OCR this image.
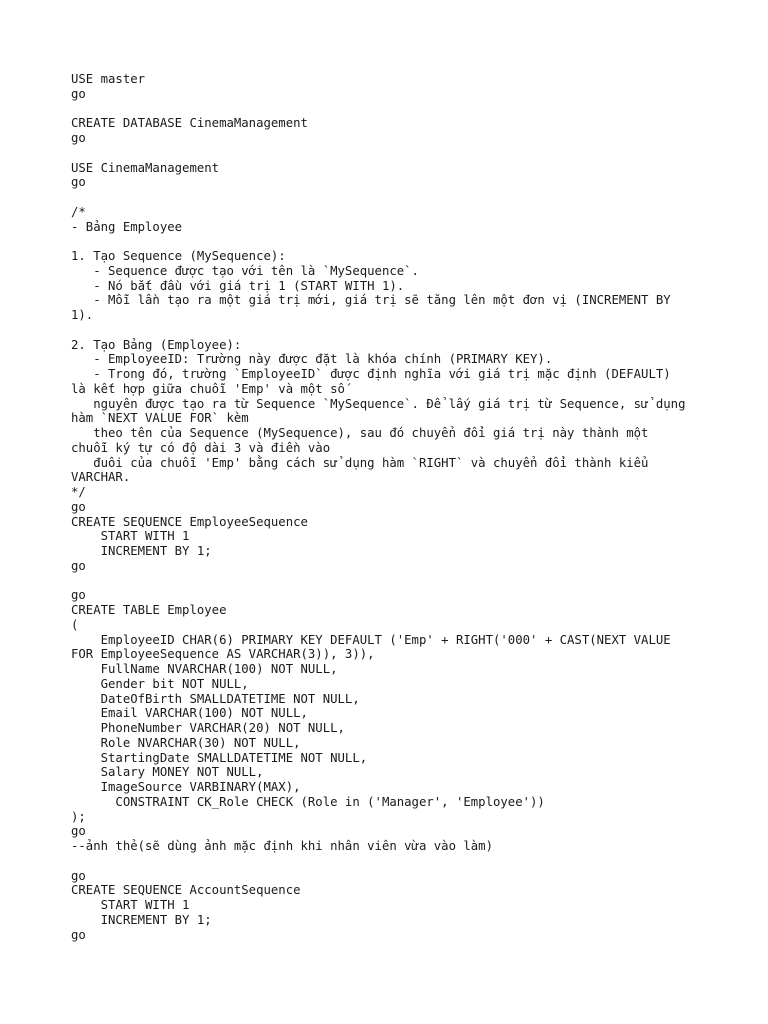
USE master
go
CREATE DATABASE CinemaManagement
go
USE CinemaManagement
go
/*
- Bảng Employee
1. Tạo Sequence (MySequence):
- Sequence được tạo với tên là `MySequence`.
- Nó bắt đầu với giá trị 1 (START WITH 1).
- Mỗi lần tạo ra một giá trị mới, giá trị sẽ tăng lên một đơn vị (INCREMENT BY
1).
2. Tạo Bảng (Employee):
- EmployeeID: Trường này được đặt là khóa chính (PRIMARY KEY).
- Trong đó, trường `EmployeeID` được định nghĩa với giá trị mặc định (DEFAULT)
là kết hợp giữa chuỗi 'Emp' và một số
nguyên được tạo ra từ Sequence `MySequence`. Để lấy giá trị từ Sequence, sử dụng
hàm `NEXT VALUE FOR` kèm
theo tên của Sequence (MySequence), sau đó chuyển đổi giá trị này thành một
chuỗi ký tự có độ dài 3 và điền vào
đuôi của chuỗi 'Emp' bằng cách sử dụng hàm `RIGHT` và chuyển đổi thành kiểu
VARCHAR.
*/
go
CREATE SEQUENCE EmployeeSequence
START WITH 1
INCREMENT BY 1;
go
go
CREATE TABLE Employee
(
EmployeeID CHAR(6) PRIMARY KEY DEFAULT ('Emp' + RIGHT('000' + CAST(NEXT VALUE
FOR EmployeeSequence AS VARCHAR(3)), 3)),
FullName NVARCHAR(100) NOT NULL,
Gender bit NOT NULL,
DateOfBirth SMALLDATETIME NOT NULL,
Email VARCHAR(100) NOT NULL,
PhoneNumber VARCHAR(20) NOT NULL,
Role NVARCHAR(30) NOT NULL,
StartingDate SMALLDATETIME NOT NULL,
Salary MONEY NOT NULL,
ImageSource VARBINARY(MAX),
CONSTRAINT CK_Role CHECK (Role in ('Manager', 'Employee'))
);
go
--ảnh thẻ(sẽ dùng ảnh mặc định khi nhân viên vừa vào làm)
go
CREATE SEQUENCE AccountSequence
START WITH 1
INCREMENT BY 1;
go
